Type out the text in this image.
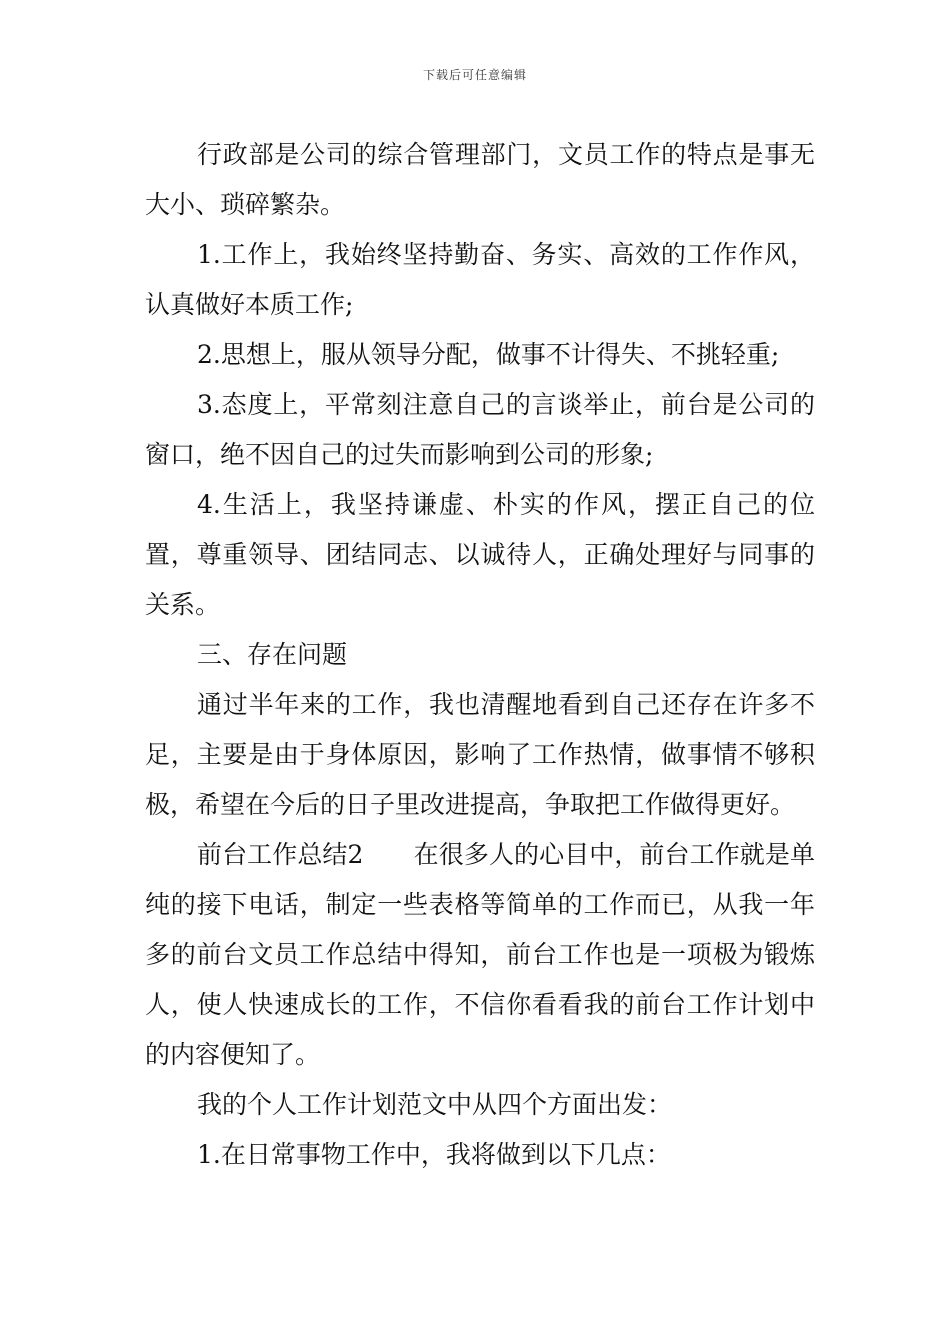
下载后可任意编辑

行政部是公司的综合管理部门，文员工作的特点是事无大小、琐碎繁杂。

1.工作上，我始终坚持勤奋、务实、高效的工作作风，认真做好本质工作;

2.思想上，服从领导分配，做事不计得失、不挑轻重;

3.态度上，平常刻注意自己的言谈举止，前台是公司的窗口，绝不因自己的过失而影响到公司的形象;

4.生活上，我坚持谦虚、朴实的作风，摆正自己的位置，尊重领导、团结同志、以诚待人，正确处理好与同事的关系。

三、存在问题

通过半年来的工作，我也清醒地看到自己还存在许多不足，主要是由于身体原因，影响了工作热情，做事情不够积极，希望在今后的日子里改进提高，争取把工作做得更好。

前台工作总结2　　在很多人的心目中，前台工作就是单纯的接下电话，制定一些表格等简单的工作而已，从我一年多的前台文员工作总结中得知，前台工作也是一项极为锻炼人，使人快速成长的工作，不信你看看我的前台工作计划中的内容便知了。

我的个人工作计划范文中从四个方面出发：

1.在日常事物工作中，我将做到以下几点：
